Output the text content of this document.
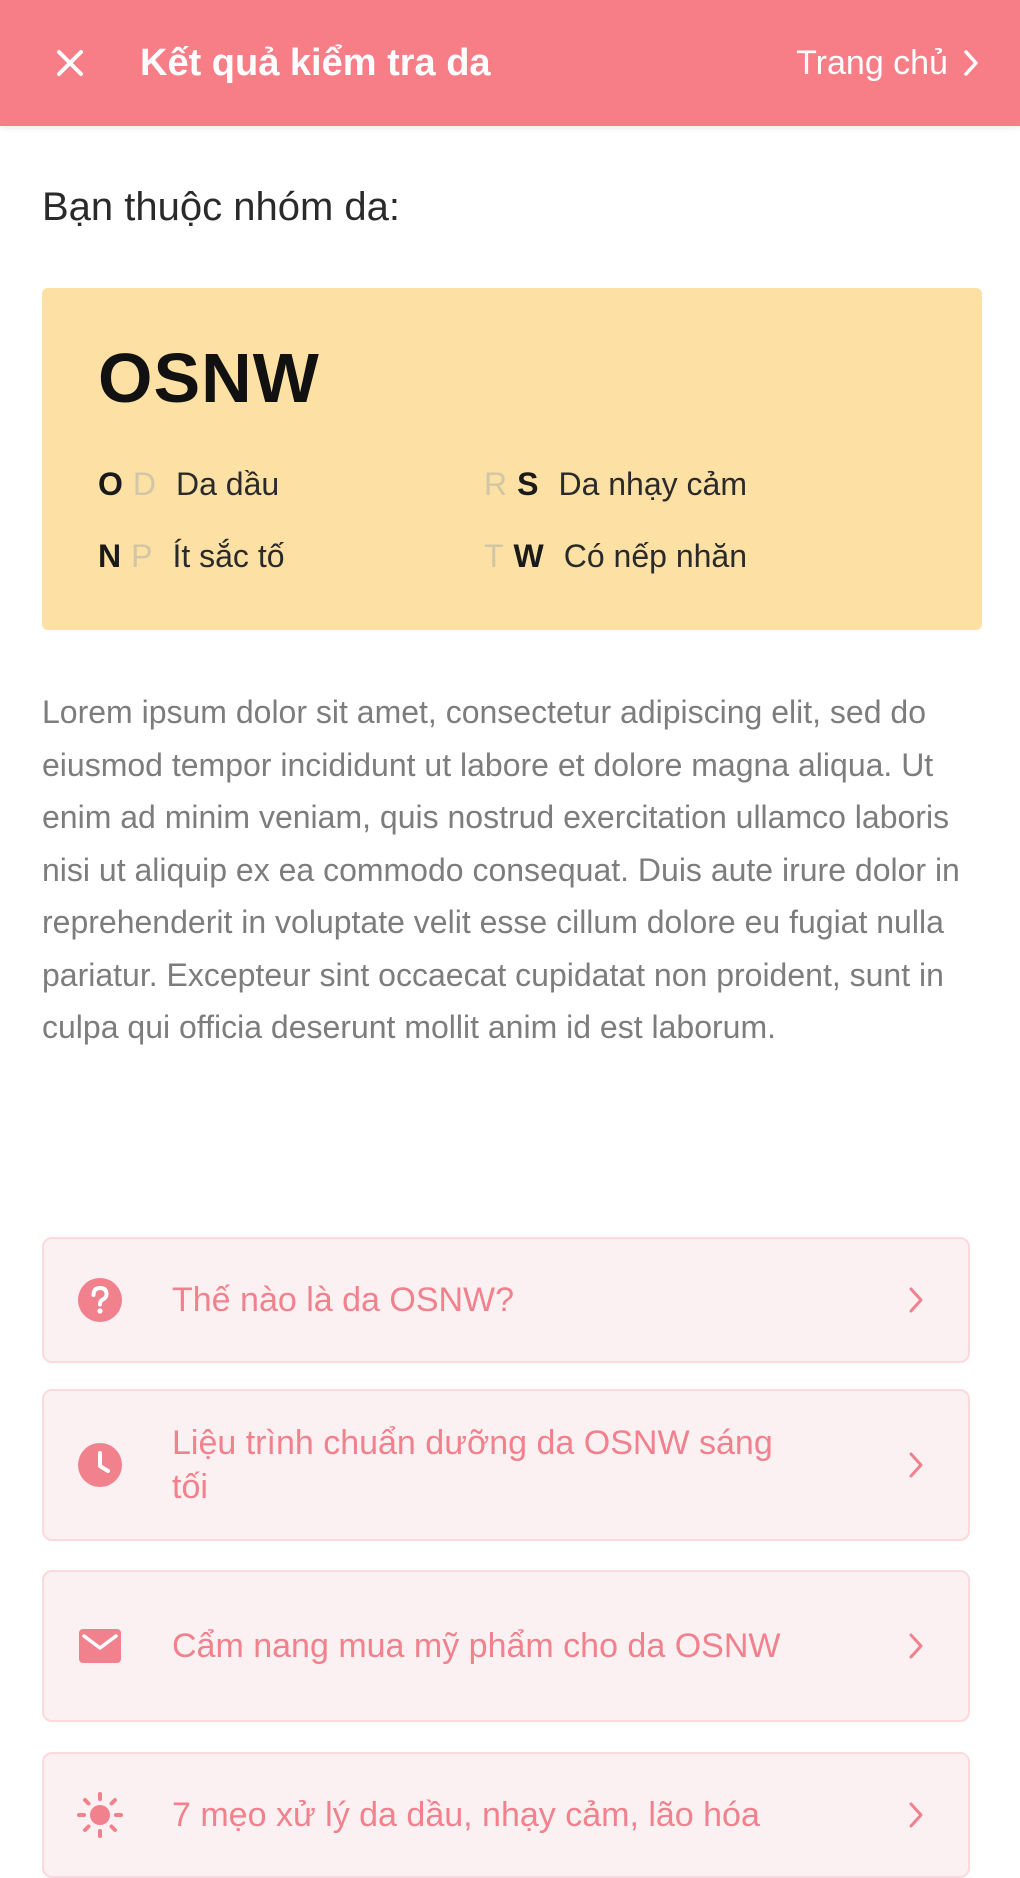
Kết quả kiểm tra da	Trang chủ
Bạn thuộc nhóm da:
OSNW
O D Da dầu	R S Da nhạy cảm
N P Ít sắc tố	T W Có nếp nhăn
Lorem ipsum dolor sit amet, consectetur adipiscing elit, sed do eiusmod tempor incididunt ut labore et dolore magna aliqua. Ut enim ad minim veniam, quis nostrud exercitation ullamco laboris nisi ut aliquip ex ea commodo consequat. Duis aute irure dolor in reprehenderit in voluptate velit esse cillum dolore eu fugiat nulla pariatur. Excepteur sint occaecat cupidatat non proident, sunt in culpa qui officia deserunt mollit anim id est laborum.
Thế nào là da OSNW?
Liệu trình chuẩn dưỡng da OSNW sáng tối
Cẩm nang mua mỹ phẩm cho da OSNW
7 mẹo xử lý da dầu, nhạy cảm, lão hóa
